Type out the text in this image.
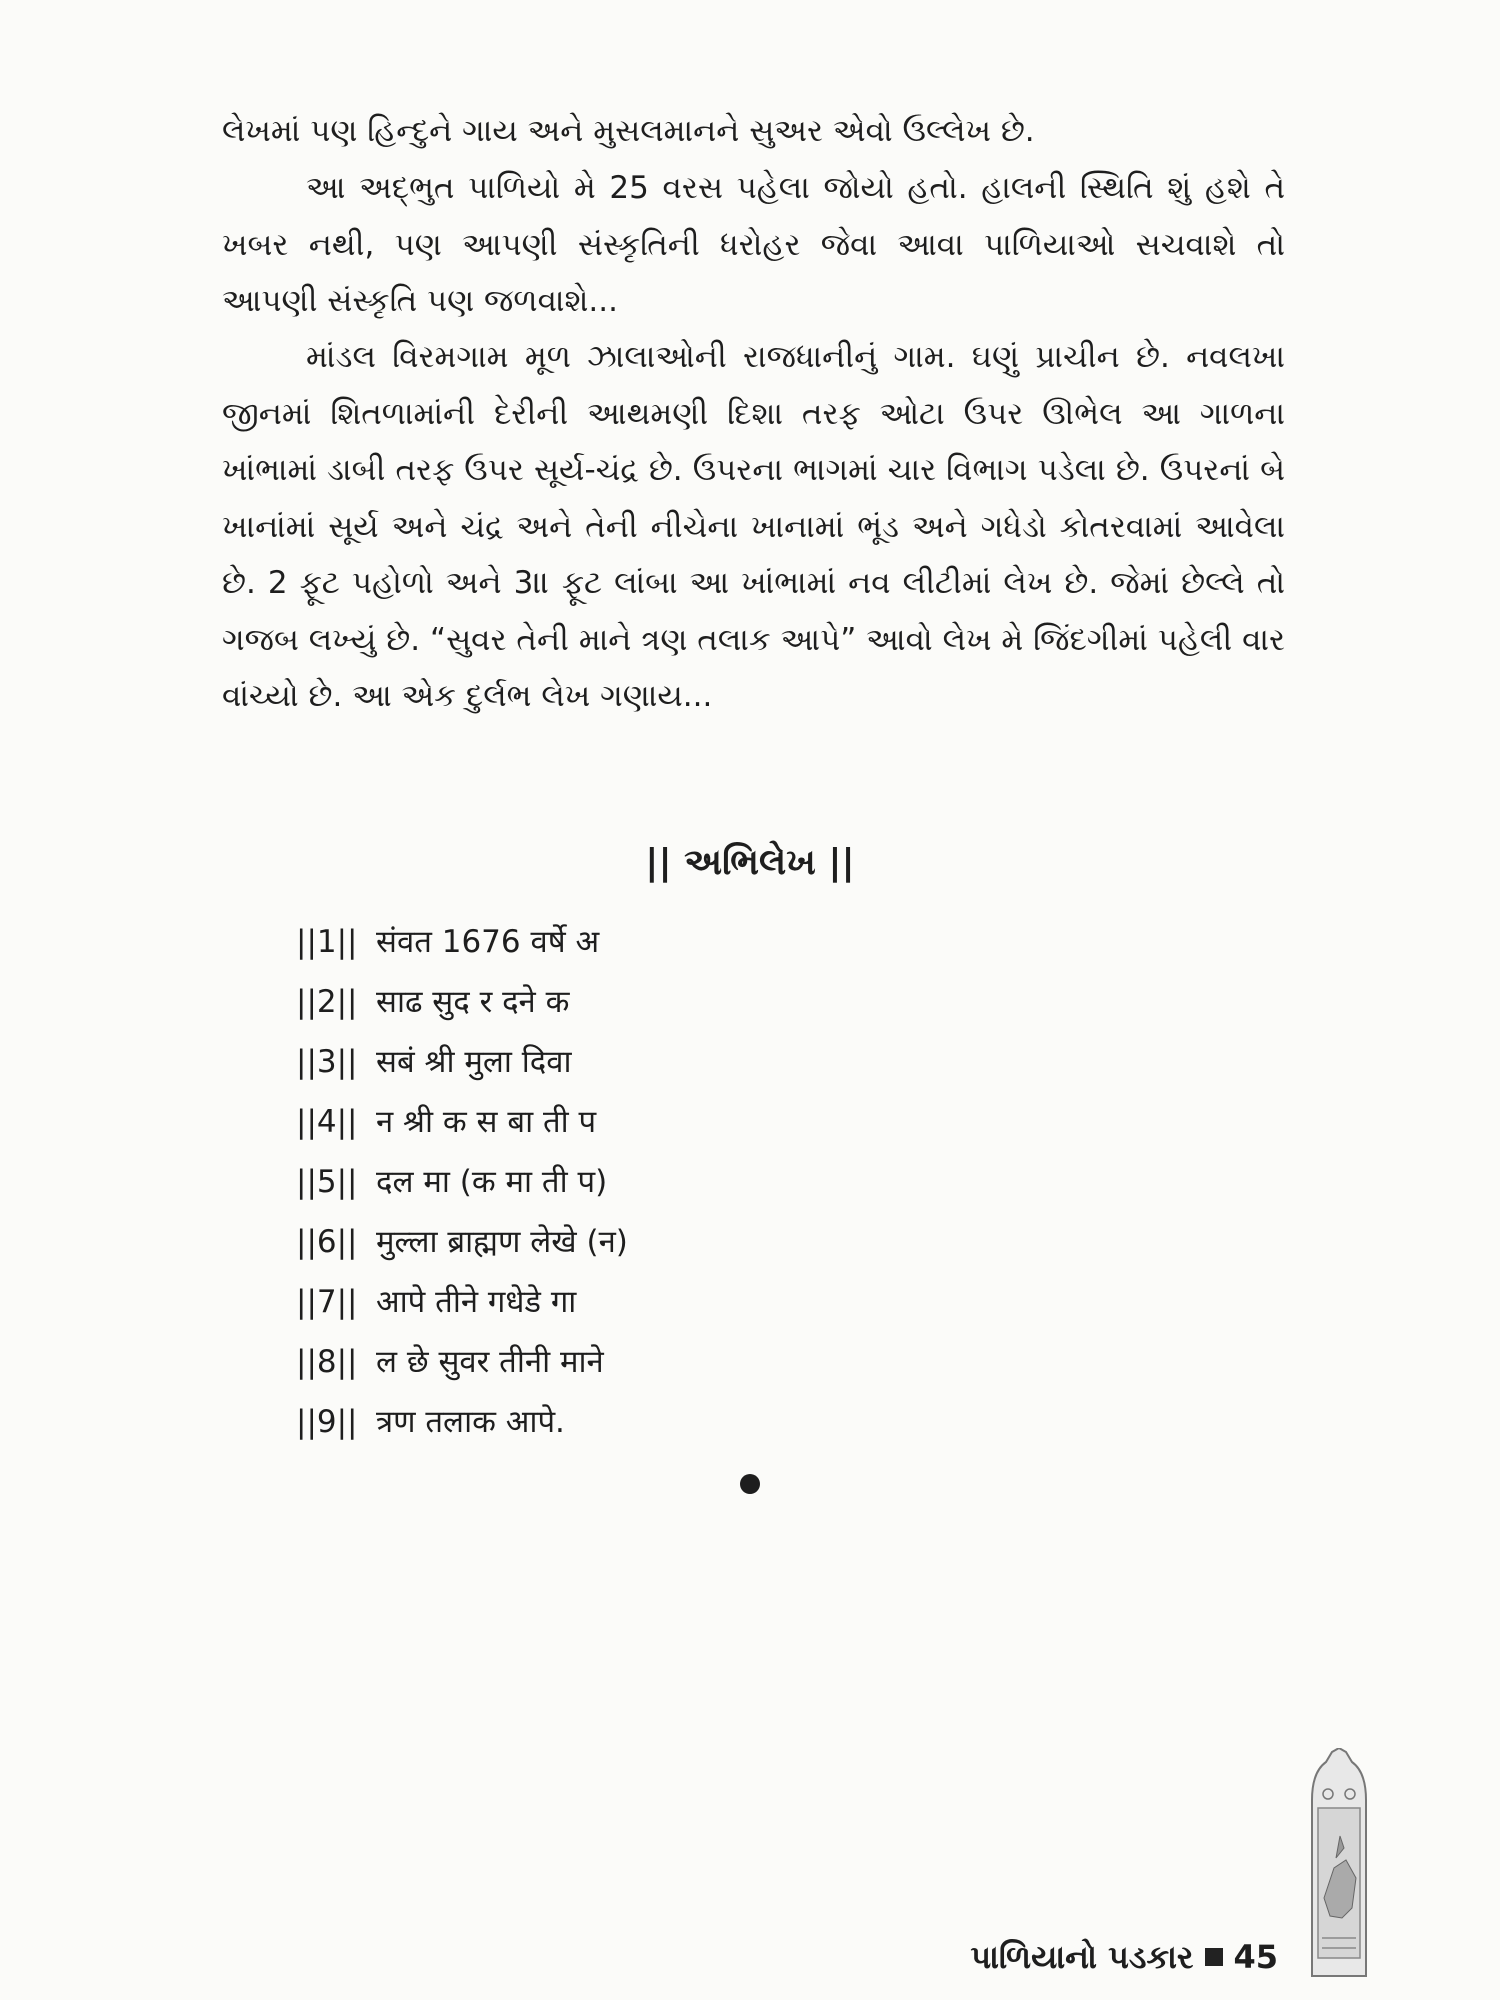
લેખમાં પણ હિન્દુને ગાય અને મુસલમાનને સુઅર એવો ઉલ્લેખ છે.

આ અદ્ભુત પાળિયો મે 25 વરસ પહેલા જોયો હતો. હાલની સ્થિતિ શું હશે તે ખબર નથી, પણ આપણી સંસ્કૃતિની ધરોહર જેવા આવા પાળિયાઓ સચવાશે તો આપણી સંસ્કૃતિ પણ જળવાશે...

માંડલ વિરમગામ મૂળ ઝાલાઓની રાજધાનીનું ગામ. ઘણું પ્રાચીન છે. નવલખા જીનમાં શિતળામાંની દેરીની આથમણી દિશા તરફ ઓટા ઉપર ઊભેલ આ ગાળના ખાંભામાં ડાબી તરફ ઉપર સૂર્ય-ચંદ્ર છે. ઉપરના ભાગમાં ચાર વિભાગ પડેલા છે. ઉપરનાં બે ખાનાંમાં સૂર્ય અને ચંદ્ર અને તેની નીચેના ખાનામાં ભૂંડ અને ગધેડો કોતરવામાં આવેલા છે. 2 ફૂટ પહોળો અને 3॥ ફૂટ લાંબા આ ખાંભામાં નવ લીટીમાં લેખ છે. જેમાં છેલ્લે તો ગજબ લખ્યું છે. “સુવર તેની માને ત્રણ તલાક આપે” આવો લેખ મે જિંદગીમાં પહેલી વાર વાંચ્યો છે. આ એક દુર્લભ લેખ ગણાય...

|| અભિલેખ ||
||1|| संवत 1676 वर्षे अ
||2|| साढ सुद र दने क
||3|| सबं श्री मुला दिवा
||4|| न श्री क स बा ती प
||5|| दल मा (क मा ती प)
||6|| मुल्ला ब्राह्मण लेखे (न)
||7|| आपे तीने गधेडे गा
||8|| ल छे सुवर तीनी माने
||9|| त्रण तलाक आपे.
પાળિયાનો પડકાર 45
